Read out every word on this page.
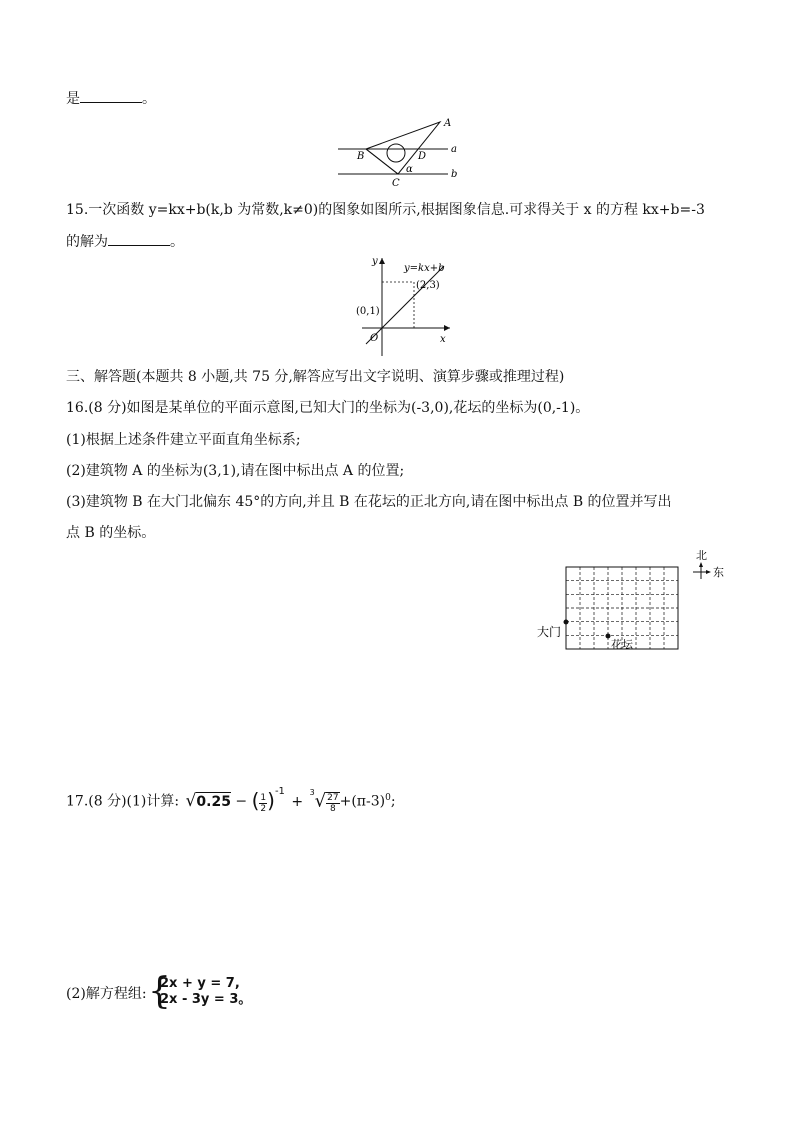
是	。
A
B	D
C
α
a
b
15.一次函数 y=kx+b(k,b 为常数,k≠0)的图象如图所示,根据图象信息.可求得关于 x 的方程 kx+b=-3
的解为	。
y
x
O
y=kx+b
(0,1)
(2,3)
三、解答题(本题共 8 小题,共 75 分,解答应写出文字说明、演算步骤或推理过程)
16.(8 分)如图是某单位的平面示意图,已知大门的坐标为(-3,0),花坛的坐标为(0,-1)。
(1)根据上述条件建立平面直角坐标系;
(2)建筑物 A 的坐标为(3,1),请在图中标出点 A 的位置;
(3)建筑物 B 在大门北偏东 45°的方向,并且 B 在花坛的正北方向,请在图中标出点 B 的位置并写出
点 B 的坐标。
北
东
大门
花坛
17.(8 分)(1)计算: √0.25 − ( $\frac{1}{2} )^{-1} + ^3√ \frac{27}{8} +(\pi-3)^0$;
(2)解方程组: {
2x + y = 7,
2x - 3y = 3。
